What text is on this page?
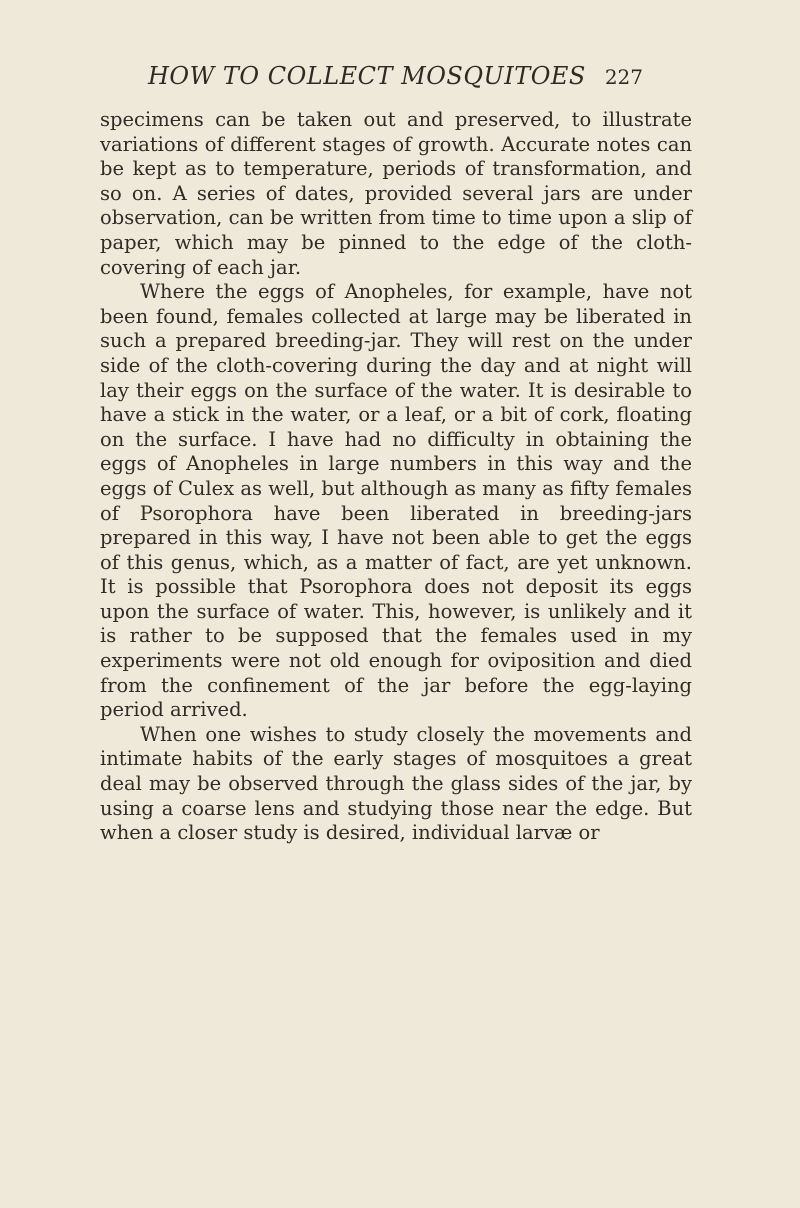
HOW TO COLLECT MOSQUITOES 227

specimens can be taken out and preserved, to illustrate variations of different stages of growth. Accurate notes can be kept as to temperature, periods of transformation, and so on. A series of dates, provided several jars are under observation, can be written from time to time upon a slip of paper, which may be pinned to the edge of the cloth-covering of each jar.

Where the eggs of Anopheles, for example, have not been found, females collected at large may be liberated in such a prepared breeding-jar. They will rest on the under side of the cloth-covering during the day and at night will lay their eggs on the surface of the water. It is desirable to have a stick in the water, or a leaf, or a bit of cork, floating on the surface. I have had no difficulty in obtaining the eggs of Anopheles in large numbers in this way and the eggs of Culex as well, but although as many as fifty females of Psorophora have been liberated in breeding-jars prepared in this way, I have not been able to get the eggs of this genus, which, as a matter of fact, are yet unknown. It is possible that Psorophora does not deposit its eggs upon the surface of water. This, however, is unlikely and it is rather to be supposed that the females used in my experiments were not old enough for oviposition and died from the confinement of the jar before the egg-laying period arrived.

When one wishes to study closely the movements and intimate habits of the early stages of mosquitoes a great deal may be observed through the glass sides of the jar, by using a coarse lens and studying those near the edge. But when a closer study is desired, individual larvæ or
